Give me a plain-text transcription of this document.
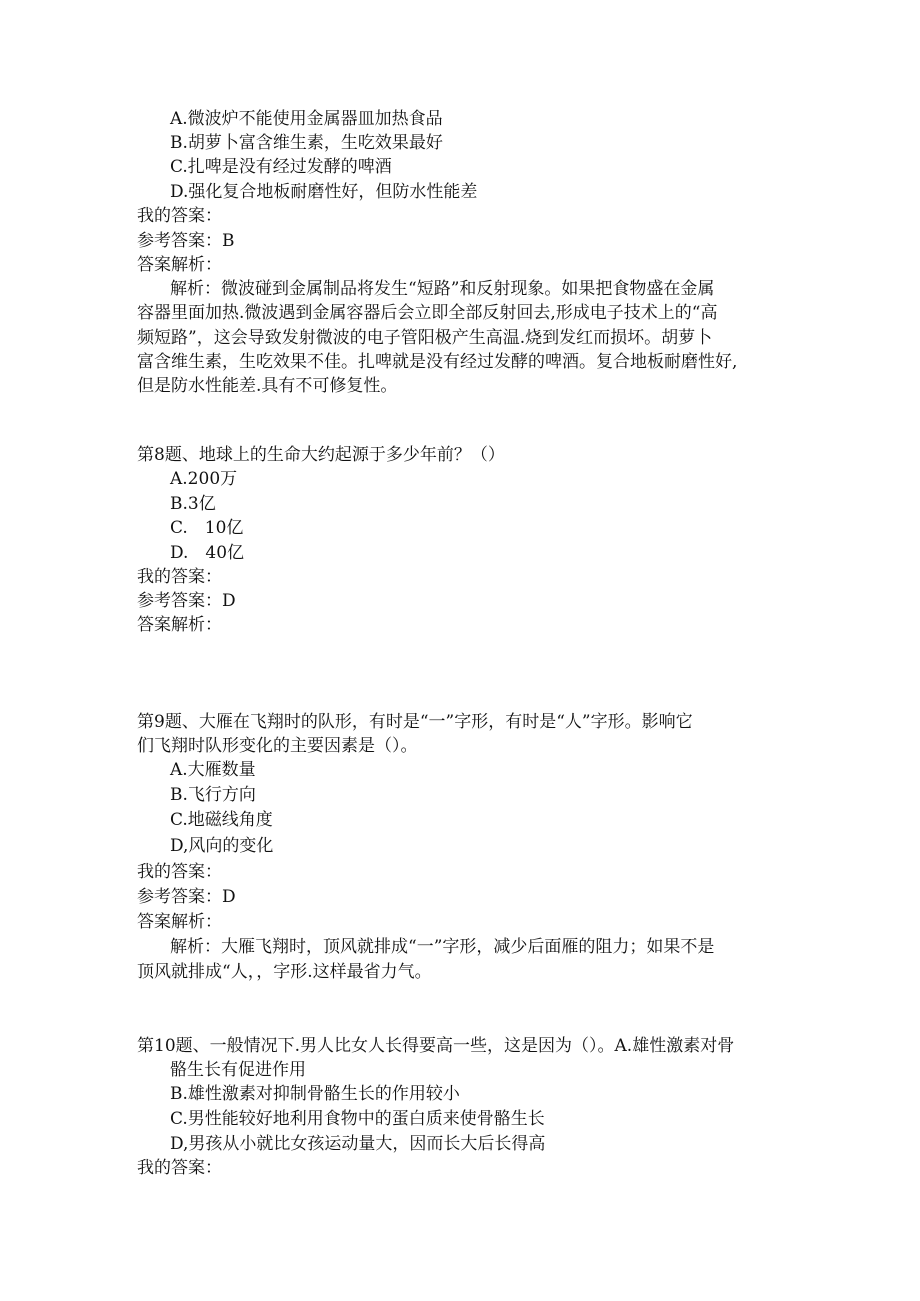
A.微波炉不能使用金属器皿加热食品
B.胡萝卜富含维生素，生吃效果最好
C.扎啤是没有经过发酵的啤酒
D.强化复合地板耐磨性好，但防水性能差
我的答案：
参考答案：B
答案解析：
解析：微波碰到金属制品将发生“短路”和反射现象。如果把食物盛在金属
容器里面加热.微波遇到金属容器后会立即全部反射回去,形成电子技术上的“高
频短路”，这会导致发射微波的电子管阳极产生高温.烧到发红而损坏。胡萝卜
富含维生素，生吃效果不佳。扎啤就是没有经过发酵的啤酒。复合地板耐磨性好,
但是防水性能差.具有不可修复性。
第8题、地球上的生命大约起源于多少年前？（）
A.200万
B.3亿
C.　10亿
D.　40亿
我的答案：
参考答案：D
答案解析：
第9题、大雁在飞翔时的队形，有时是“一”字形，有时是“人”字形。影响它
们飞翔时队形变化的主要因素是（）。
A.大雁数量
B.飞行方向
C.地磁线角度
D,风向的变化
我的答案：
参考答案：D
答案解析：
解析：大雁飞翔时，顶风就排成“一”字形，减少后面雁的阻力；如果不是
顶风就排成“人，，字形.这样最省力气。
第10题、一般情况下.男人比女人长得要高一些，这是因为（）。A.雄性激素对骨
骼生长有促进作用
B.雄性激素对抑制骨骼生长的作用较小
C.男性能较好地利用食物中的蛋白质来使骨骼生长
D,男孩从小就比女孩运动量大，因而长大后长得高
我的答案：
